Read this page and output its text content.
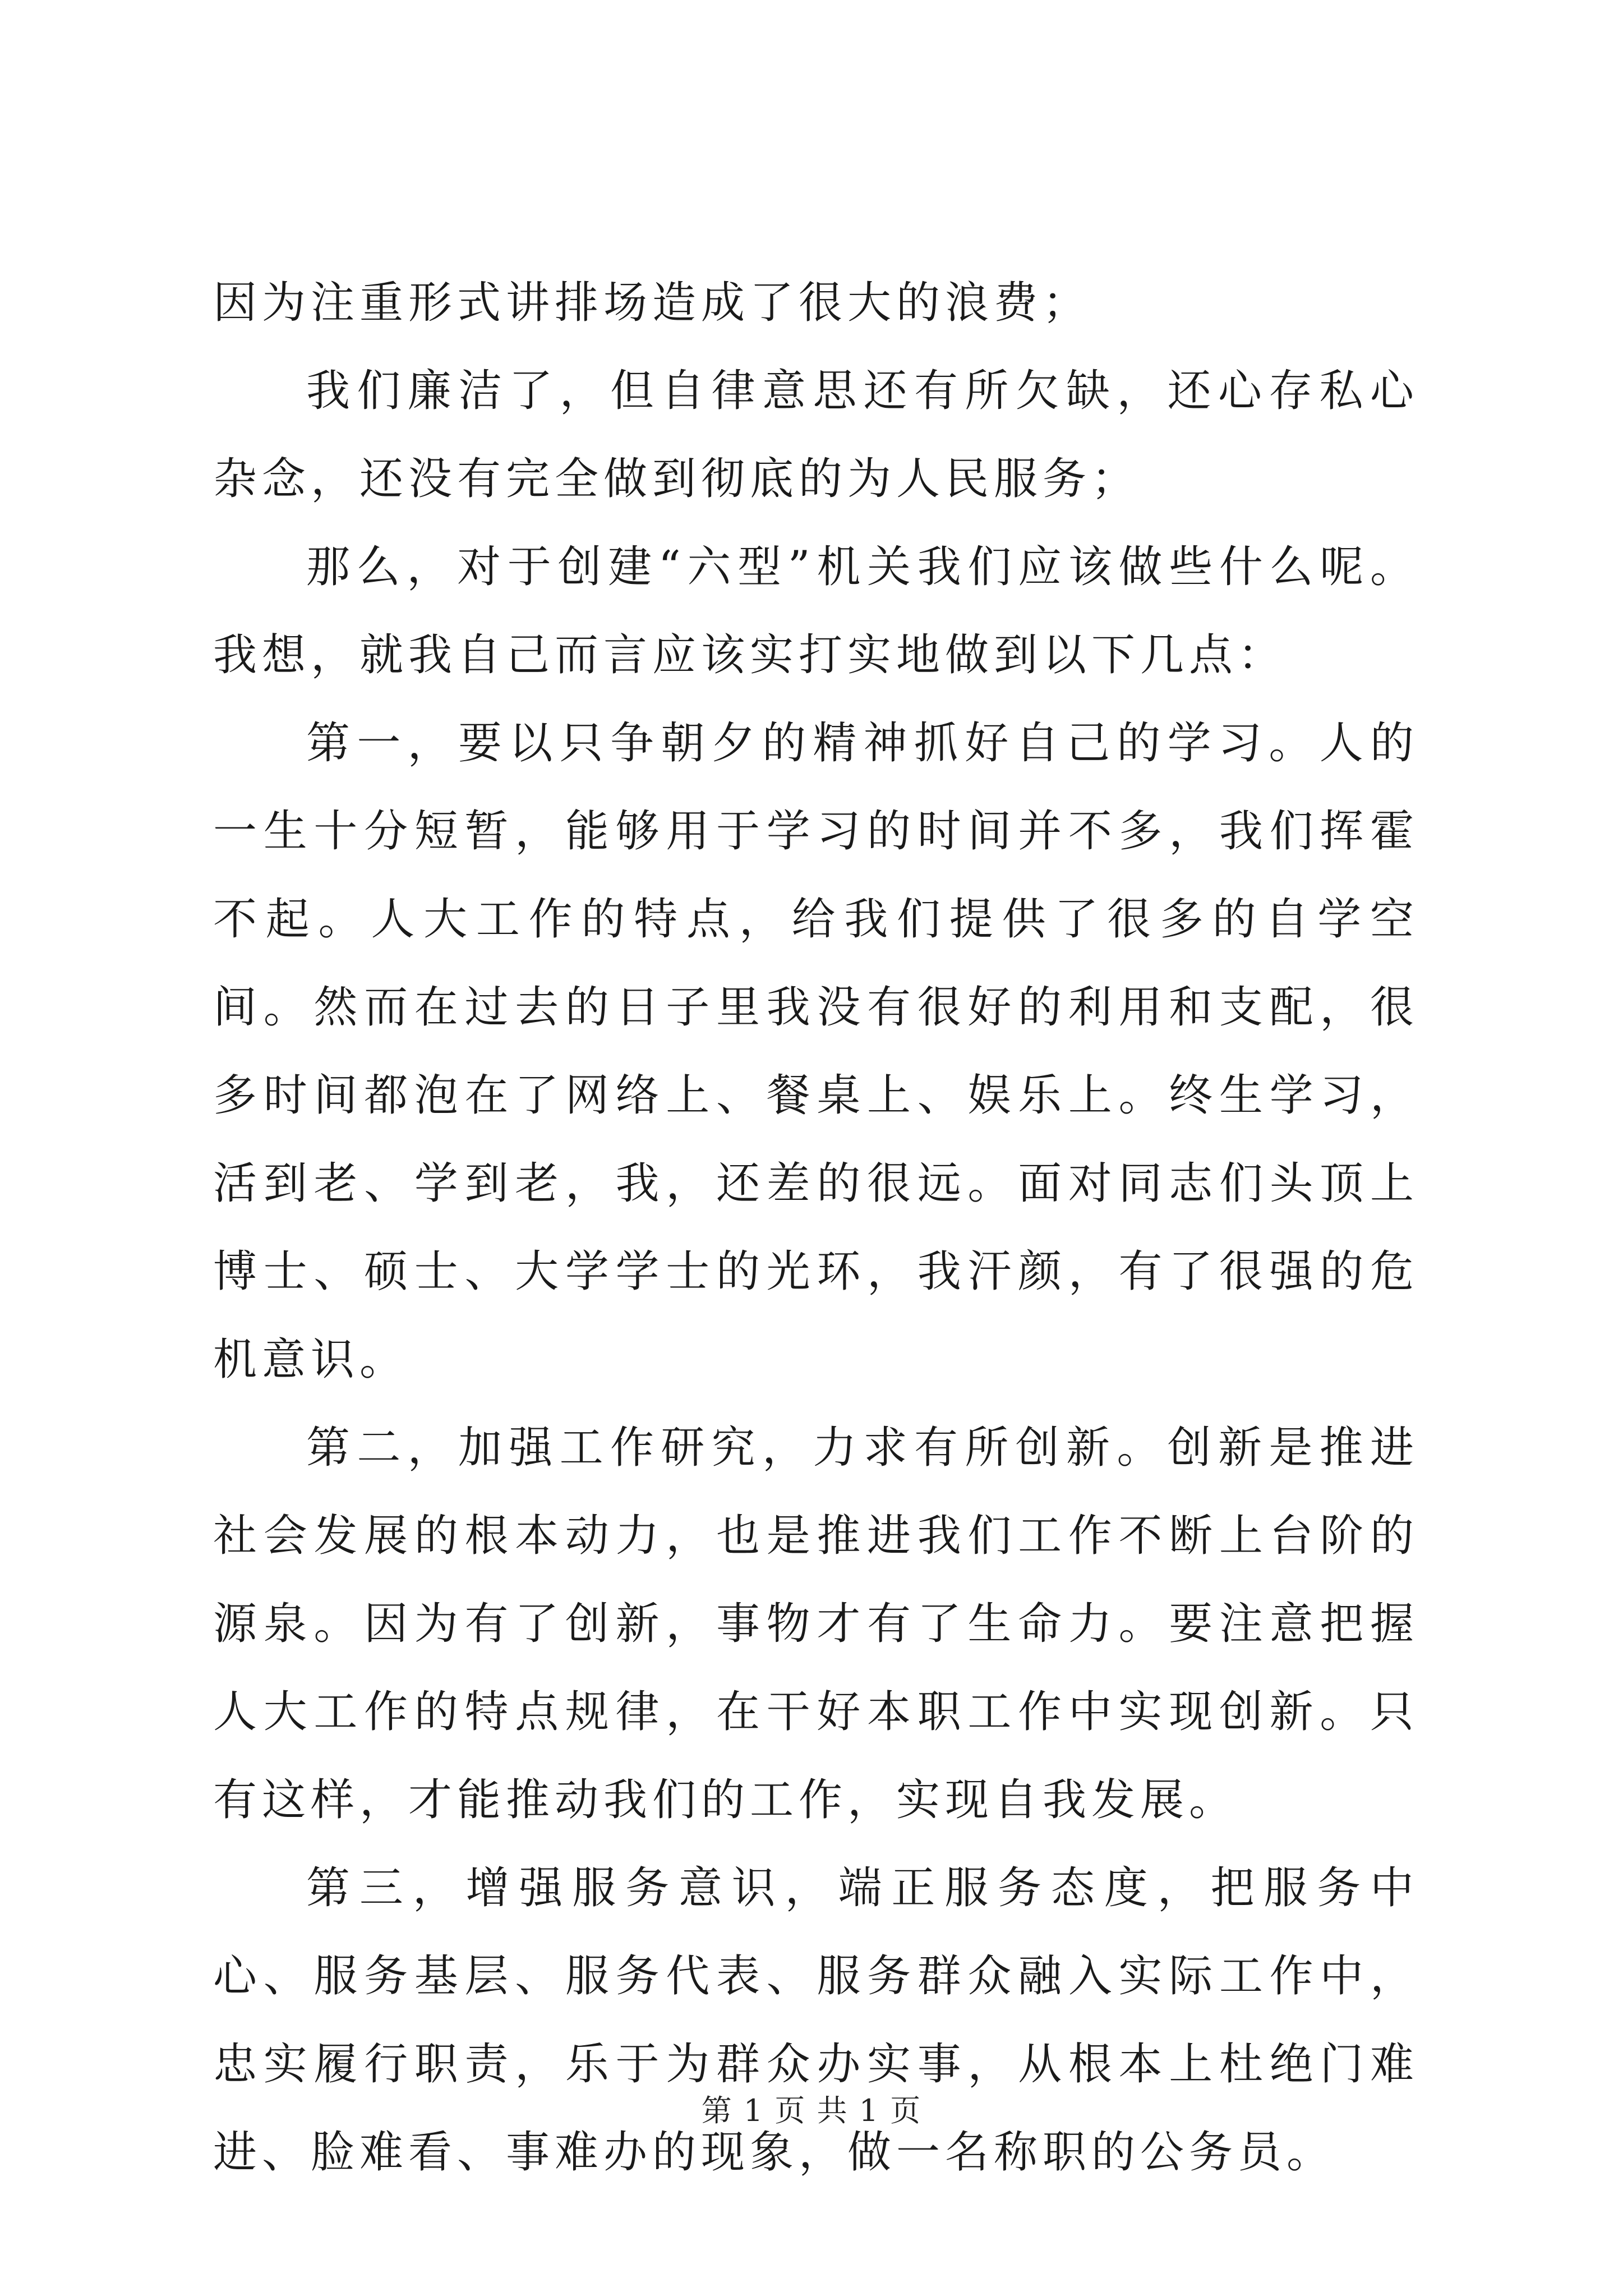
因为注重形式讲排场造成了很大的浪费；

我们廉洁了，但自律意思还有所欠缺，还心存私心杂念，还没有完全做到彻底的为人民服务；

那么，对于创建“六型”机关我们应该做些什么呢。我想，就我自己而言应该实打实地做到以下几点：

第一，要以只争朝夕的精神抓好自己的学习。人的一生十分短暂，能够用于学习的时间并不多，我们挥霍不起。人大工作的特点，给我们提供了很多的自学空间。然而在过去的日子里我没有很好的利用和支配，很多时间都泡在了网络上、餐桌上、娱乐上。终生学习，活到老、学到老，我，还差的很远。面对同志们头顶上博士、硕士、大学学士的光环，我汗颜，有了很强的危机意识。

第二，加强工作研究，力求有所创新。创新是推进社会发展的根本动力，也是推进我们工作不断上台阶的源泉。因为有了创新，事物才有了生命力。要注意把握人大工作的特点规律，在干好本职工作中实现创新。只有这样，才能推动我们的工作，实现自我发展。

第三，增强服务意识，端正服务态度，把服务中心、服务基层、服务代表、服务群众融入实际工作中，忠实履行职责，乐于为群众办实事，从根本上杜绝门难进、脸难看、事难办的现象，做一名称职的公务员。

第 1 页 共 1 页
